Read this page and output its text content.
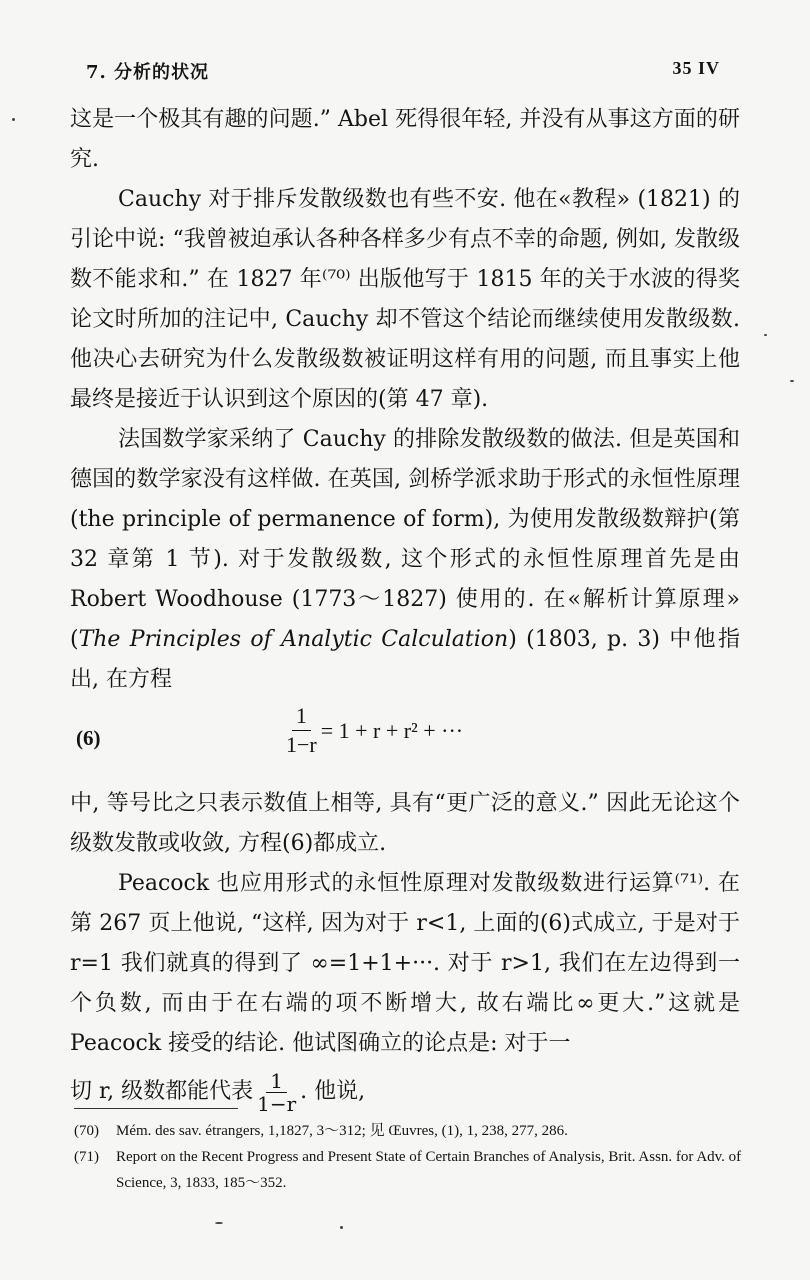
7. 分析的状况	35 IV

这是一个极其有趣的问题.” Abel 死得很年轻, 并没有从事这方面的研究.

Cauchy 对于排斥发散级数也有些不安. 他在«教程» (1821) 的引论中说: “我曾被迫承认各种各样多少有点不幸的命题, 例如, 发散级数不能求和.” 在 1827 年⁽⁷⁰⁾ 出版他写于 1815 年的关于水波的得奖论文时所加的注记中, Cauchy 却不管这个结论而继续使用发散级数. 他决心去研究为什么发散级数被证明这样有用的问题, 而且事实上他最终是接近于认识到这个原因的(第 47 章).

法国数学家采纳了 Cauchy 的排除发散级数的做法. 但是英国和德国的数学家没有这样做. 在英国, 剑桥学派求助于形式的永恒性原理 (the principle of permanence of form), 为使用发散级数辩护(第 32 章第 1 节). 对于发散级数, 这个形式的永恒性原理首先是由 Robert Woodhouse (1773～1827) 使用的. 在«解析计算原理» (The Principles of Analytic Calculation) (1803, p. 3) 中他指出, 在方程

(6)	$\frac{1}{1-r} = 1 + r + r^2$ + ···

中, 等号比之只表示数值上相等, 具有“更广泛的意义.” 因此无论这个级数发散或收敛, 方程(6)都成立.

Peacock 也应用形式的永恒性原理对发散级数进行运算⁽⁷¹⁾. 在第 267 页上他说, “这样, 因为对于 r<1, 上面的(6)式成立, 于是对于 r=1 我们就真的得到了 ∞=1+1+···. 对于 r>1, 我们在左边得到一个负数, 而由于在右端的项不断增大, 故右端比∞更大.”这就是 Peacock 接受的结论. 他试图确立的论点是: 对于一

切 r, 级数都能代表 $\frac{1}{1-r}$ . 他说,
(70)	Mém. des sav. étrangers, 1,1827, 3～312; 见 Œuvres, (1), 1, 238, 277, 286.
(71)	Report on the Recent Progress and Present State of Certain Branches of Analysis, Brit. Assn. for Adv. of Science, 3, 1833, 185～352.
